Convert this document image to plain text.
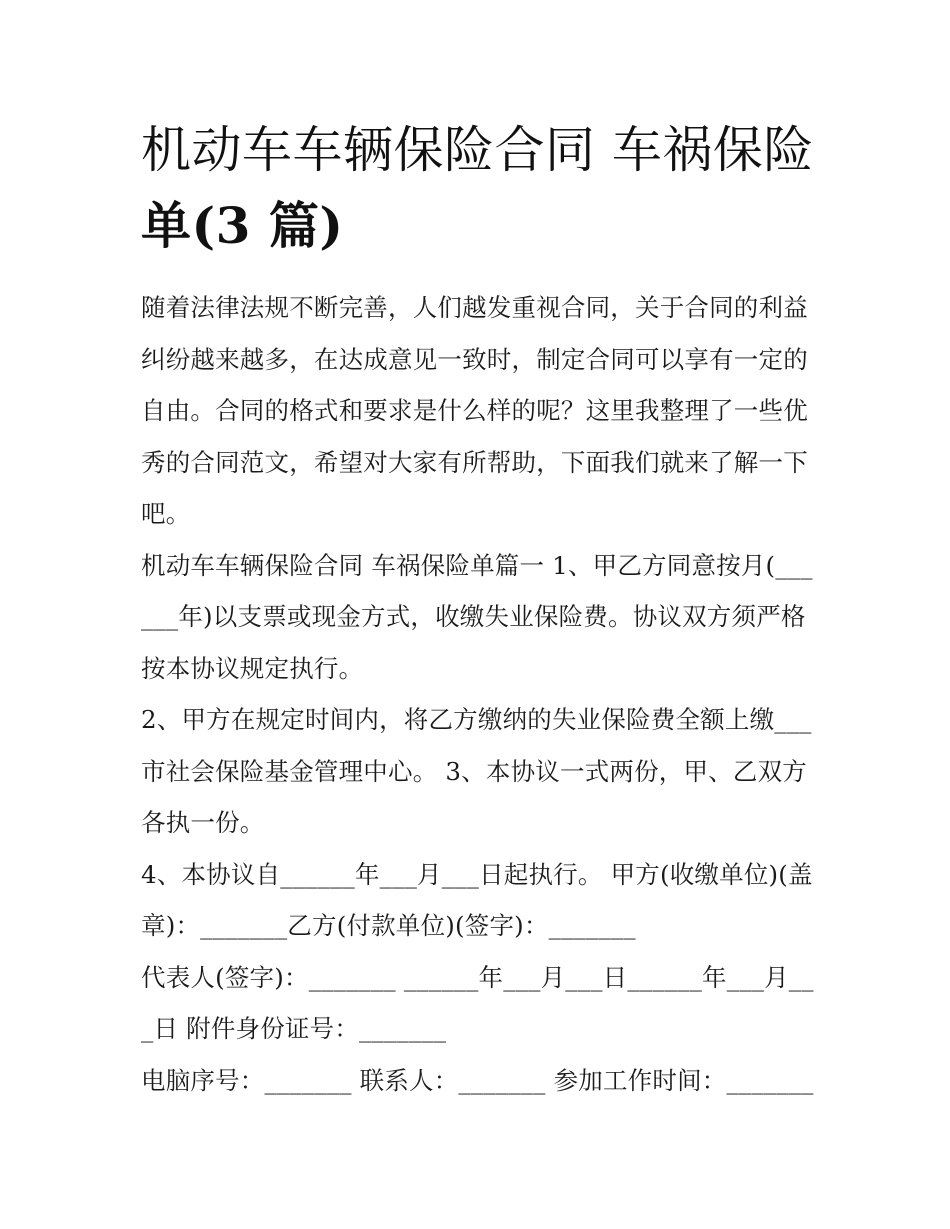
机动车车辆保险合同 车祸保险
单(3 篇)

随着法律法规不断完善，人们越发重视合同，关于合同的利益纠纷越来越多，在达成意见一致时，制定合同可以享有一定的自由。合同的格式和要求是什么样的呢？这里我整理了一些优秀的合同范文，希望对大家有所帮助，下面我们就来了解一下吧。

机动车车辆保险合同 车祸保险单篇一 1、甲乙方同意按月(______年)以支票或现金方式，收缴失业保险费。协议双方须严格按本协议规定执行。

2、甲方在规定时间内，将乙方缴纳的失业保险费全额上缴___市社会保险基金管理中心。 3、本协议一式两份，甲、乙双方各执一份。

4、本协议自______年___月___日起执行。 甲方(收缴单位)(盖章)：_______乙方(付款单位)(签字)：_______

代表人(签字)：_______ ______年___月___日______年___月___日 附件身份证号：_______

电脑序号：_______ 联系人：_______ 参加工作时间：_______
